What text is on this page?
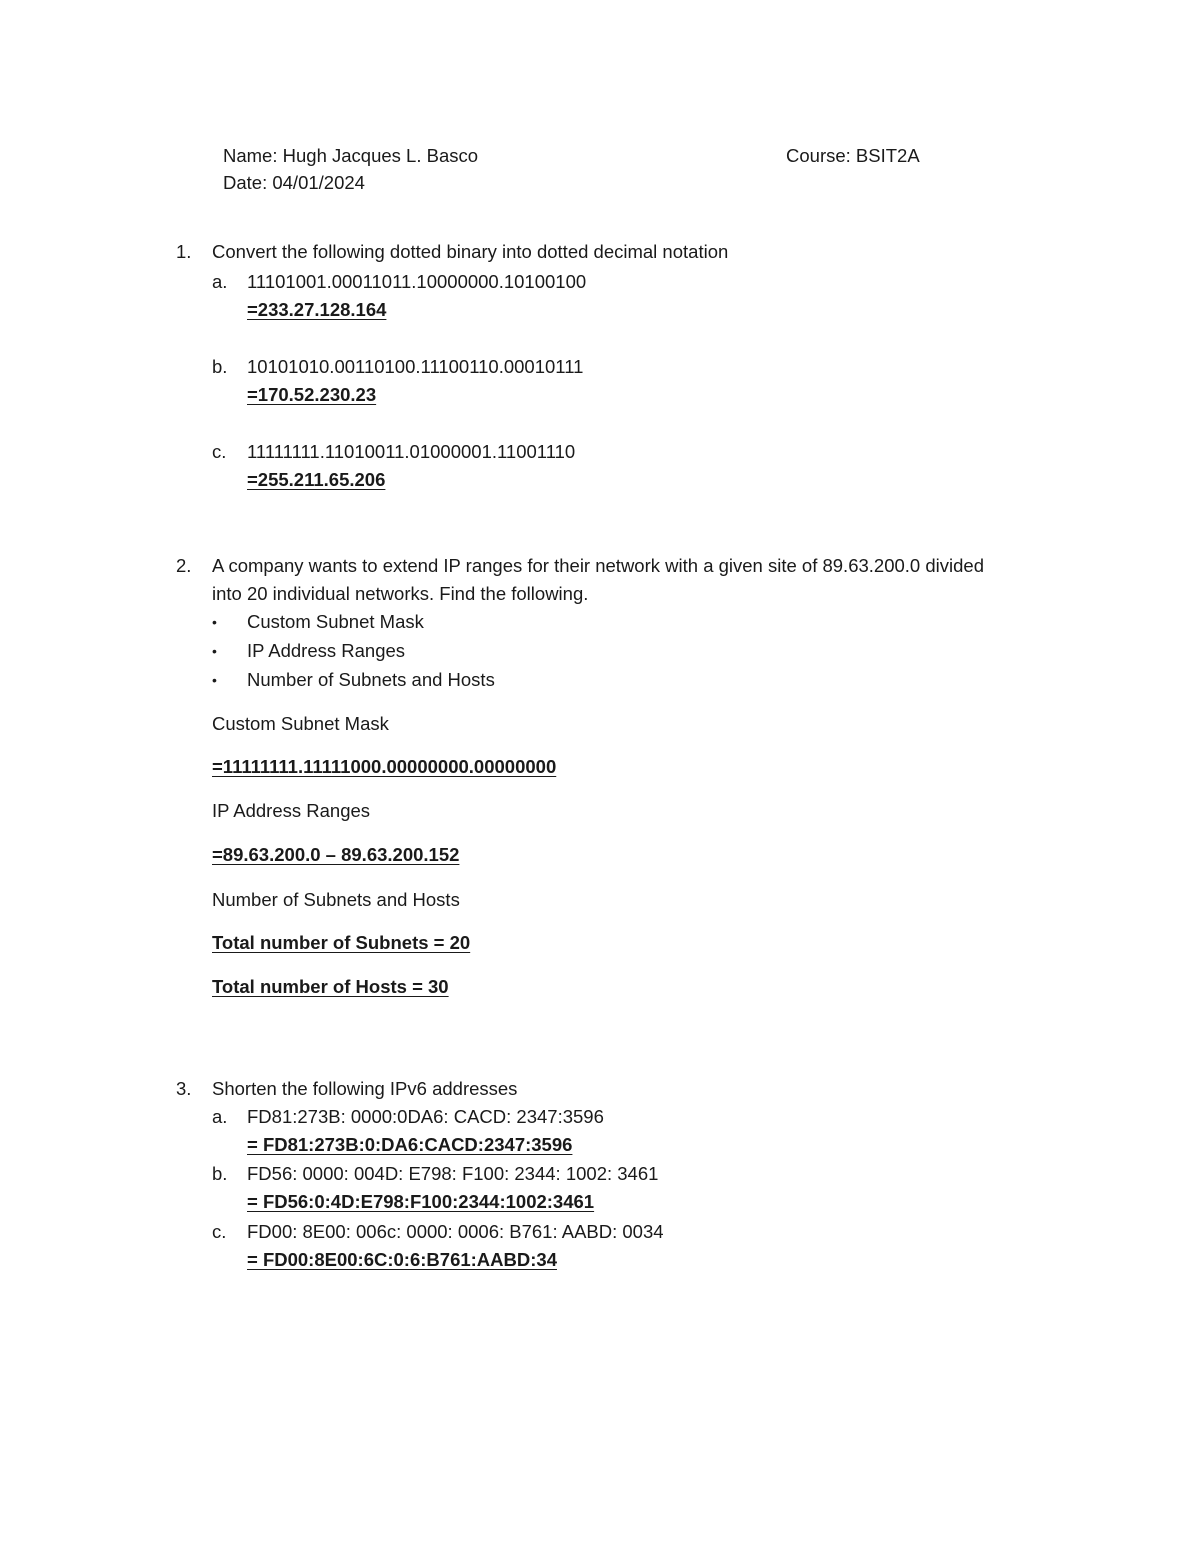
Name: Hugh Jacques L. Basco	Course: BSIT2A
Date: 04/01/2024
1. Convert the following dotted binary into dotted decimal notation
a. 11101001.00011011.10000000.10100100
=233.27.128.164
b. 10101010.00110100.11100110.00010111
=170.52.230.23
c. 11111111.11010011.01000001.11001110
=255.211.65.206
2. A company wants to extend IP ranges for their network with a given site of 89.63.200.0 divided
into 20 individual networks. Find the following.
• Custom Subnet Mask
• IP Address Ranges
• Number of Subnets and Hosts
Custom Subnet Mask
=11111111.11111000.00000000.00000000
IP Address Ranges
=89.63.200.0 – 89.63.200.152
Number of Subnets and Hosts
Total number of Subnets = 20
Total number of Hosts = 30
3. Shorten the following IPv6 addresses
a. FD81:273B: 0000:0DA6: CACD: 2347:3596
= FD81:273B:0:DA6:CACD:2347:3596
b. FD56: 0000: 004D: E798: F100: 2344: 1002: 3461
= FD56:0:4D:E798:F100:2344:1002:3461
c. FD00: 8E00: 006c: 0000: 0006: B761: AABD: 0034
= FD00:8E00:6C:0:6:B761:AABD:34
